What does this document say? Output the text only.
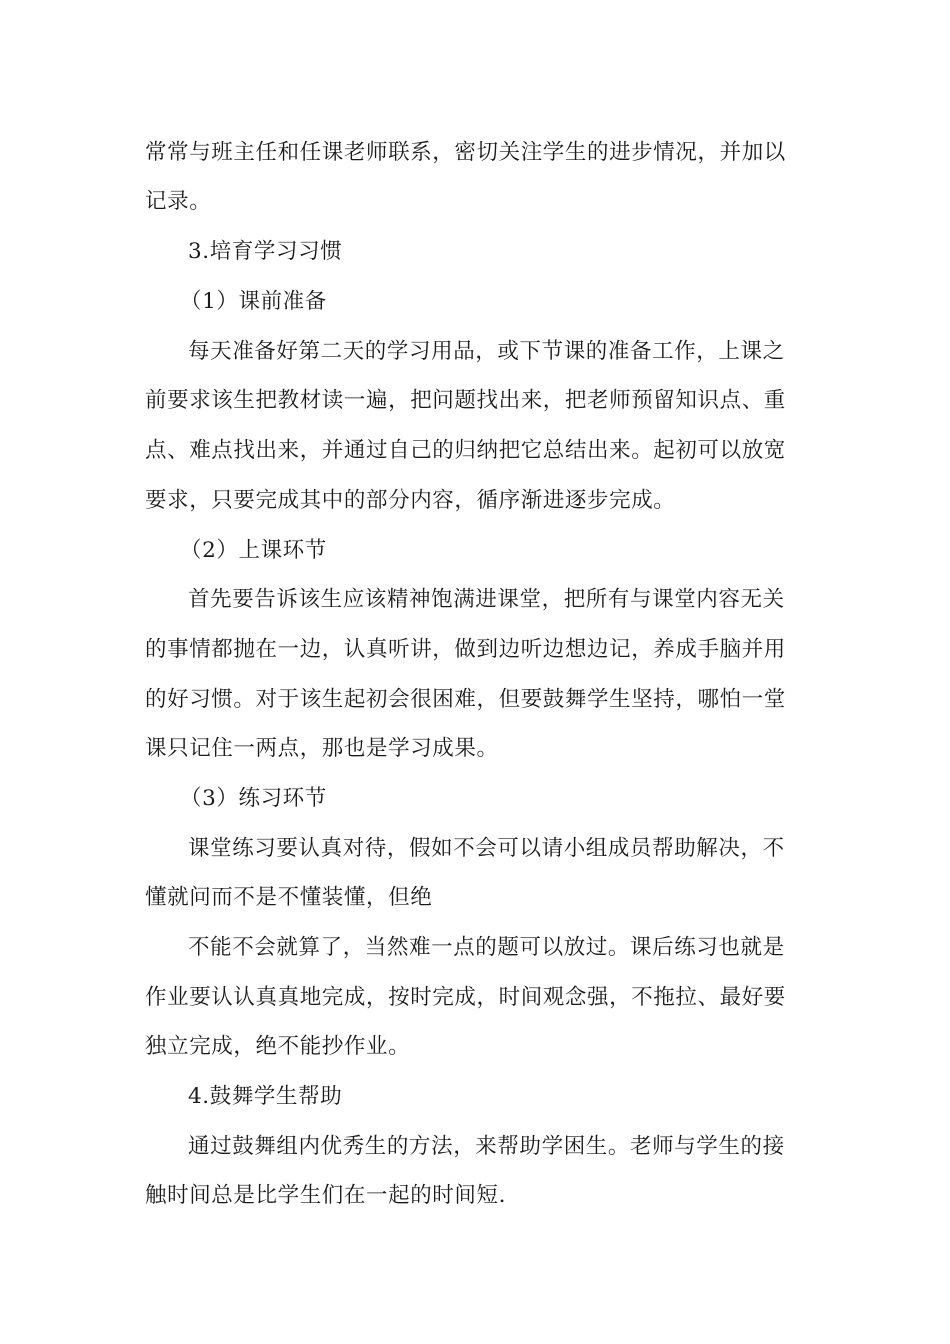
常常与班主任和任课老师联系，密切关注学生的进步情况，并加以
记录。
3.培育学习习惯
（1）课前准备
每天准备好第二天的学习用品，或下节课的准备工作，上课之
前要求该生把教材读一遍，把问题找出来，把老师预留知识点、重
点、难点找出来，并通过自己的归纳把它总结出来。起初可以放宽
要求，只要完成其中的部分内容，循序渐进逐步完成。
（2）上课环节
首先要告诉该生应该精神饱满进课堂，把所有与课堂内容无关
的事情都抛在一边，认真听讲，做到边听边想边记，养成手脑并用
的好习惯。对于该生起初会很困难，但要鼓舞学生坚持，哪怕一堂
课只记住一两点，那也是学习成果。
（3）练习环节
课堂练习要认真对待，假如不会可以请小组成员帮助解决，不
懂就问而不是不懂装懂，但绝
不能不会就算了，当然难一点的题可以放过。课后练习也就是
作业要认认真真地完成，按时完成，时间观念强，不拖拉、最好要
独立完成，绝不能抄作业。
4.鼓舞学生帮助
通过鼓舞组内优秀生的方法，来帮助学困生。老师与学生的接
触时间总是比学生们在一起的时间短.
